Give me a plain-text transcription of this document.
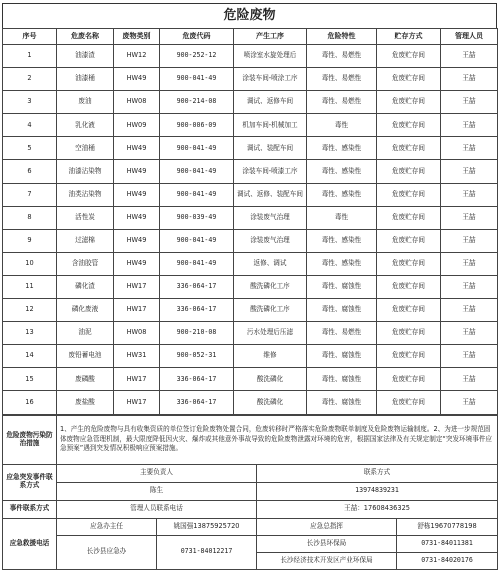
危险废物
序号	危废名称	废物类别	危废代码	产生工序	危险特性	贮存方式	管理人员
1	油漆渣	HW12	900-252-12	喷涂室水旋处理后	毒性、易燃性	危废贮存间	王喆
2	油漆桶	HW49	900-041-49	涂装车间-喷涂工序	毒性、易燃性	危废贮存间	王喆
3	废油	HW08	900-214-08	调试、返修车间	毒性、易燃性	危废贮存间	王喆
4	乳化液	HW09	900-006-09	机加车间-机械加工	毒性	危废贮存间	王喆
5	空油桶	HW49	900-041-49	调试、装配车间	毒性、感染性	危废贮存间	王喆
6	油漆沾染物	HW49	900-041-49	涂装车间-喷漆工序	毒性、感染性	危废贮存间	王喆
7	油类沾染物	HW49	900-041-49	调试、返修、装配车间	毒性、感染性	危废贮存间	王喆
8	活性炭	HW49	900-039-49	涂装废气治理	毒性	危废贮存间	王喆
9	过滤棉	HW49	900-041-49	涂装废气治理	毒性、感染性	危废贮存间	王喆
10	含油胶管	HW49	900-041-49	返修、调试	毒性、感染性	危废贮存间	王喆
11	磷化渣	HW17	336-064-17	酸洗磷化工序	毒性、腐蚀性	危废贮存间	王喆
12	磷化废液	HW17	336-064-17	酸洗磷化工序	毒性、腐蚀性	危废贮存间	王喆
13	油泥	HW08	900-210-08	污水处理后压滤	毒性、易燃性	危废贮存间	王喆
14	废铅蓄电池	HW31	900-052-31	维修	毒性、腐蚀性	危废贮存间	王喆
15	废磷酸	HW17	336-064-17	酸洗磷化	毒性、腐蚀性	危废贮存间	王喆
16	废盐酸	HW17	336-064-17	酸洗磷化	毒性、腐蚀性	危废贮存间	王喆
危险废物污染防治措施	1、产生的危险废物与具有收集资质的单位签订危险废物处置合同，危废转移时严格落实危险废物联单制度及危险废物运输制度。2、为进一步规范固体废物应急管理机制，最大限度降低因火灾、爆炸或其他意外事故导致的危险废物泄露对环境的危害，根据国家法律及有关规定制定“突发环境事件应急预案”遇到突发情况积极响应预案措施。			
应急突发事件联系方式	主要负责人		联系方式	
	陈生		13974839231	
事件联系方式	管理人员联系电话		王喆：17608436325	
应急救援电话	应急办主任	姚国强13875925720	应急总指挥	舒栋19670778198
	长沙县应急办	0731-84012217	长沙县环保局	0731-84011381
			长沙经济技术开发区产业环保局	0731-84020176
